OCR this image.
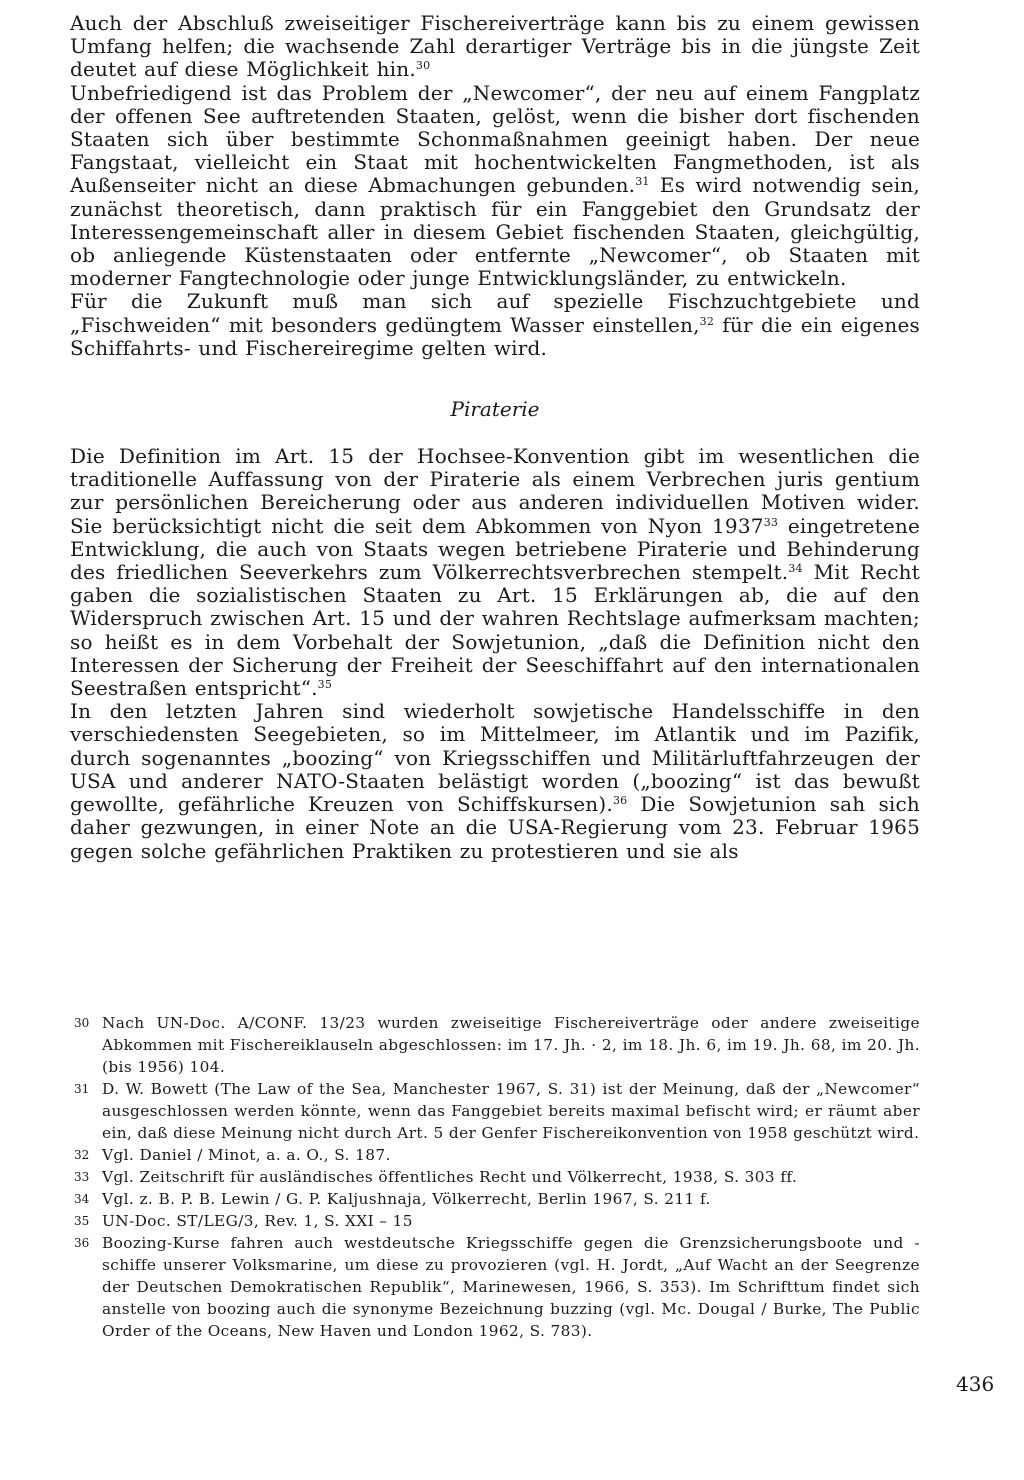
Auch der Abschluß zweiseitiger Fischereiverträge kann bis zu einem gewissen Umfang helfen; die wachsende Zahl derartiger Verträge bis in die jüngste Zeit deutet auf diese Möglichkeit hin.$^{30}$

Unbefriedigend ist das Problem der „Newcomer“, der neu auf einem Fangplatz der offenen See auftretenden Staaten, gelöst, wenn die bisher dort fischenden Staaten sich über bestimmte Schonmaßnahmen geeinigt haben. Der neue Fangstaat, vielleicht ein Staat mit hochentwickelten Fangmethoden, ist als Außenseiter nicht an diese Abmachungen gebunden.$^{31}$ Es wird notwendig sein, zunächst theoretisch, dann praktisch für ein Fanggebiet den Grundsatz der Interessengemeinschaft aller in diesem Gebiet fischenden Staaten, gleichgültig, ob anliegende Küstenstaaten oder entfernte „Newcomer“, ob Staaten mit moderner Fangtechnologie oder junge Entwicklungsländer, zu entwickeln.

Für die Zukunft muß man sich auf spezielle Fischzuchtgebiete und „Fischweiden“ mit besonders gedüngtem Wasser einstellen,$^{32}$ für die ein eigenes Schiffahrts- und Fischereiregime gelten wird.

Piraterie

Die Definition im Art. 15 der Hochsee-Konvention gibt im wesentlichen die traditionelle Auffassung von der Piraterie als einem Verbrechen juris gentium zur persönlichen Bereicherung oder aus anderen individuellen Motiven wider. Sie berücksichtigt nicht die seit dem Abkommen von Nyon 1937$^{33}$ eingetretene Entwicklung, die auch von Staats wegen betriebene Piraterie und Behinderung des friedlichen Seeverkehrs zum Völkerrechtsverbrechen stempelt.$^{34}$ Mit Recht gaben die sozialistischen Staaten zu Art. 15 Erklärungen ab, die auf den Widerspruch zwischen Art. 15 und der wahren Rechtslage aufmerksam machten; so heißt es in dem Vorbehalt der Sowjetunion, „daß die Definition nicht den Interessen der Sicherung der Freiheit der Seeschiffahrt auf den internationalen Seestraßen entspricht“.$^{35}$

In den letzten Jahren sind wiederholt sowjetische Handelsschiffe in den verschiedensten Seegebieten, so im Mittelmeer, im Atlantik und im Pazifik, durch sogenanntes „boozing“ von Kriegsschiffen und Militärluftfahrzeugen der USA und anderer NATO-Staaten belästigt worden („boozing“ ist das bewußt gewollte, gefährliche Kreuzen von Schiffskursen).$^{36}$ Die Sowjetunion sah sich daher gezwungen, in einer Note an die USA-Regierung vom 23. Februar 1965 gegen solche gefährlichen Praktiken zu protestieren und sie als

30 Nach UN-Doc. A/CONF. 13/23 wurden zweiseitige Fischereiverträge oder andere zweiseitige Abkommen mit Fischereiklauseln abgeschlossen: im 17. Jh. · 2, im 18. Jh. 6, im 19. Jh. 68, im 20. Jh. (bis 1956) 104.
31 D. W. Bowett (The Law of the Sea, Manchester 1967, S. 31) ist der Meinung, daß der „Newcomer“ ausgeschlossen werden könnte, wenn das Fanggebiet bereits maximal befischt wird; er räumt aber ein, daß diese Meinung nicht durch Art. 5 der Genfer Fischereikonvention von 1958 geschützt wird.
32 Vgl. Daniel / Minot, a. a. O., S. 187.
33 Vgl. Zeitschrift für ausländisches öffentliches Recht und Völkerrecht, 1938, S. 303 ff.
34 Vgl. z. B. P. B. Lewin / G. P. Kaljushnaja, Völkerrecht, Berlin 1967, S. 211 f.
35 UN-Doc. ST/LEG/3, Rev. 1, S. XXI – 15
36 Boozing-Kurse fahren auch westdeutsche Kriegsschiffe gegen die Grenzsicherungsboote und -schiffe unserer Volksmarine, um diese zu provozieren (vgl. H. Jordt, „Auf Wacht an der Seegrenze der Deutschen Demokratischen Republik“, Marinewesen, 1966, S. 353). Im Schrifttum findet sich anstelle von boozing auch die synonyme Bezeichnung buzzing (vgl. Mc. Dougal / Burke, The Public Order of the Oceans, New Haven und London 1962, S. 783).
436
